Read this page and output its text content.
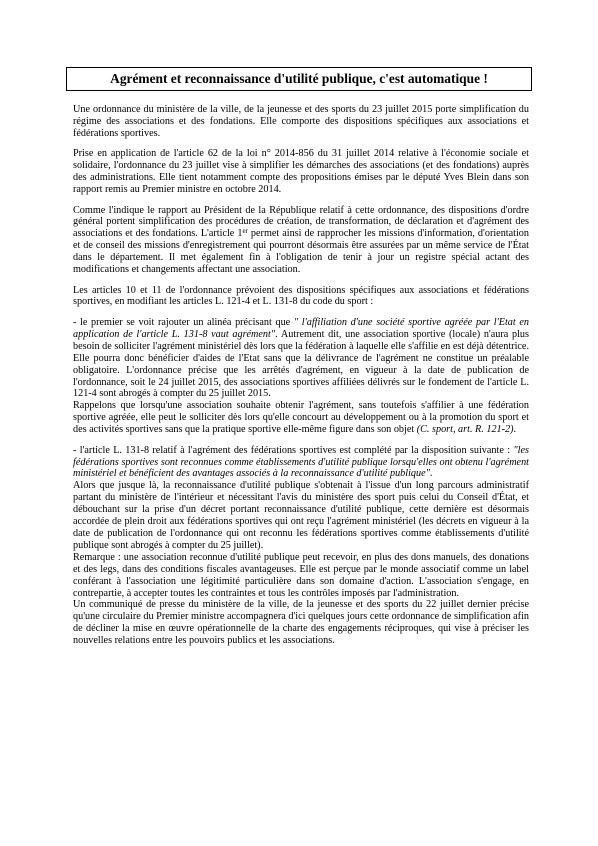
Agrément et reconnaissance d'utilité publique, c'est automatique !

Une ordonnance du ministère de la ville, de la jeunesse et des sports du 23 juillet 2015 porte simplification du régime des associations et des fondations. Elle comporte des dispositions spécifiques aux associations et fédérations sportives.

Prise en application de l'article 62 de la loi n° 2014-856 du 31 juillet 2014 relative à l'économie sociale et solidaire, l'ordonnance du 23 juillet vise à simplifier les démarches des associations (et des fondations) auprès des administrations. Elle tient notamment compte des propositions émises par le député Yves Blein dans son rapport remis au Premier ministre en octobre 2014.

Comme l'indique le rapport au Président de la République relatif à cette ordonnance, des dispositions d'ordre général portent simplification des procédures de création, de transformation, de déclaration et d'agrément des associations et des fondations. L'article 1er permet ainsi de rapprocher les missions d'information, d'orientation et de conseil des missions d'enregistrement qui pourront désormais être assurées par un même service de l'État dans le département. Il met également fin à l'obligation de tenir à jour un registre spécial actant des modifications et changements affectant une association.

Les articles 10 et 11 de l'ordonnance prévoient des dispositions spécifiques aux associations et fédérations sportives, en modifiant les articles L. 121-4 et L. 131-8 du code du sport :

- le premier se voit rajouter un alinéa précisant que " l'affiliation d'une société sportive agréée par l'Etat en application de l'article L. 131-8 vaut agrément". Autrement dit, une association sportive (locale) n'aura plus besoin de solliciter l'agrément ministériel dès lors que la fédération à laquelle elle s'affilie en est déjà détentrice. Elle pourra donc bénéficier d'aides de l'Etat sans que la délivrance de l'agrément ne constitue un préalable obligatoire. L'ordonnance précise que les arrêtés d'agrément, en vigueur à la date de publication de l'ordonnance, soit le 24 juillet 2015, des associations sportives affiliées délivrés sur le fondement de l'article L. 121-4 sont abrogés à compter du 25 juillet 2015.

Rappelons que lorsqu'une association souhaite obtenir l'agrément, sans toutefois s'affilier à une fédération sportive agréée, elle peut le solliciter dès lors qu'elle concourt au développement ou à la promotion du sport et des activités sportives sans que la pratique sportive elle-même figure dans son objet (C. sport, art. R. 121-2).

- l'article L. 131-8 relatif à l'agrément des fédérations sportives est complété par la disposition suivante : "les fédérations sportives sont reconnues comme établissements d'utilité publique lorsqu'elles ont obtenu l'agrément ministériel et bénéficient des avantages associés à la reconnaissance d'utilité publique".

Alors que jusque là, la reconnaissance d'utilité publique s'obtenait à l'issue d'un long parcours administratif partant du ministère de l'intérieur et nécessitant l'avis du ministère des sport puis celui du Conseil d'État, et débouchant sur la prise d'un décret portant reconnaissance d'utilité publique, cette dernière est désormais accordée de plein droit aux fédérations sportives qui ont reçu l'agrément ministériel (les décrets en vigueur à la date de publication de l'ordonnance qui ont reconnu les fédérations sportives comme établissements d'utilité publique sont abrogés à compter du 25 juillet).

Remarque : une association reconnue d'utilité publique peut recevoir, en plus des dons manuels, des donations et des legs, dans des conditions fiscales avantageuses. Elle est perçue par le monde associatif comme un label conférant à l'association une légitimité particulière dans son domaine d'action. L'association s'engage, en contrepartie, à accepter toutes les contraintes et tous les contrôles imposés par l'administration.

Un communiqué de presse du ministère de la ville, de la jeunesse et des sports du 22 juillet dernier précise qu'une circulaire du Premier ministre accompagnera d'ici quelques jours cette ordonnance de simplification afin de décliner la mise en œuvre opérationnelle de la charte des engagements réciproques, qui vise à préciser les nouvelles relations entre les pouvoirs publics et les associations.
